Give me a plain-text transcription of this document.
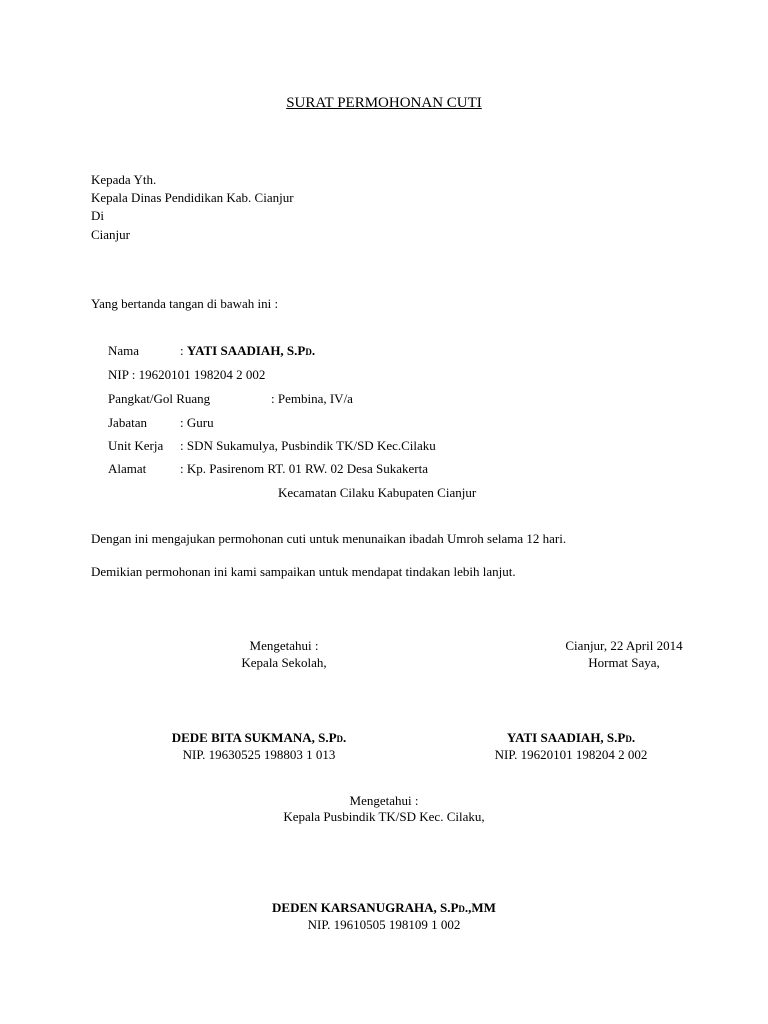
SURAT PERMOHONAN CUTI
Kepada Yth.
Kepala Dinas Pendidikan Kab. Cianjur
Di
Cianjur
Yang bertanda tangan di bawah ini :
Nama	: YATI SAADIAH, S.Pd.
NIP : 19620101 198204 2 002
Pangkat/Gol Ruang	: Pembina, IV/a
Jabatan	: Guru
Unit Kerja : SDN Sukamulya, Pusbindik TK/SD Kec.Cilaku
Alamat	: Kp. Pasirenom RT. 01 RW. 02 Desa Sukakerta
Kecamatan Cilaku Kabupaten Cianjur
Dengan ini mengajukan permohonan cuti untuk menunaikan ibadah Umroh selama 12 hari.
Demikian permohonan ini kami sampaikan untuk mendapat tindakan lebih lanjut.
Mengetahui :
Kepala Sekolah,
DEDE BITA SUKMANA, S.Pd.
NIP. 19630525 198803 1 013
Cianjur, 22 April 2014
Hormat Saya,
YATI SAADIAH, S.Pd.
NIP. 19620101 198204 2 002
Mengetahui :
Kepala Pusbindik TK/SD Kec. Cilaku,
DEDEN KARSANUGRAHA, S.Pd.,MM
NIP. 19610505 198109 1 002
